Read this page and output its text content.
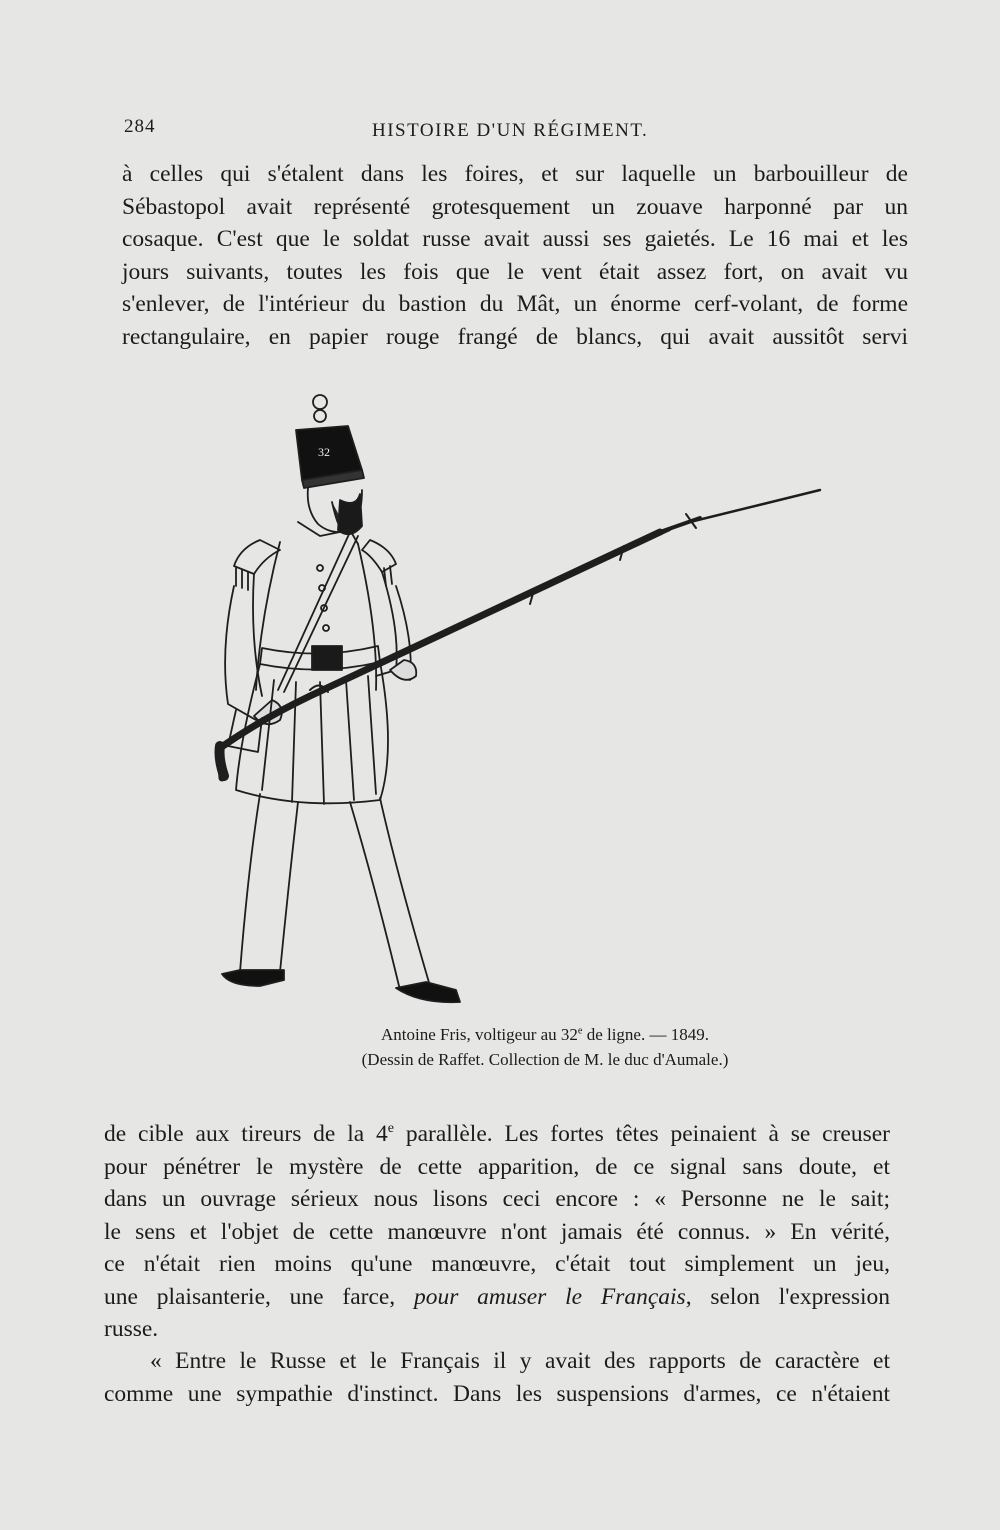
284	HISTOIRE D'UN RÉGIMENT.
à celles qui s'étalent dans les foires, et sur laquelle un barbouilleur de
Sébastopol avait représenté grotesquement un zouave harponné par un
cosaque. C'est que le soldat russe avait aussi ses gaietés. Le 16 mai et les
jours suivants, toutes les fois que le vent était assez fort, on avait vu
s'enlever, de l'intérieur du bastion du Mât, un énorme cerf-volant, de forme
rectangulaire, en papier rouge frangé de blancs, qui avait aussitôt servi
32
Antoine Fris, voltigeur au 32e de ligne. — 1849.
(Dessin de Raffet. Collection de M. le duc d'Aumale.)
de cible aux tireurs de la 4e parallèle. Les fortes têtes peinaient à se creuser
pour pénétrer le mystère de cette apparition, de ce signal sans doute, et
dans un ouvrage sérieux nous lisons ceci encore : « Personne ne le sait;
le sens et l'objet de cette manœuvre n'ont jamais été connus. » En vérité,
ce n'était rien moins qu'une manœuvre, c'était tout simplement un jeu,
une plaisanterie, une farce, pour amuser le Français, selon l'expression
russe.
« Entre le Russe et le Français il y avait des rapports de caractère et
comme une sympathie d'instinct. Dans les suspensions d'armes, ce n'étaient
